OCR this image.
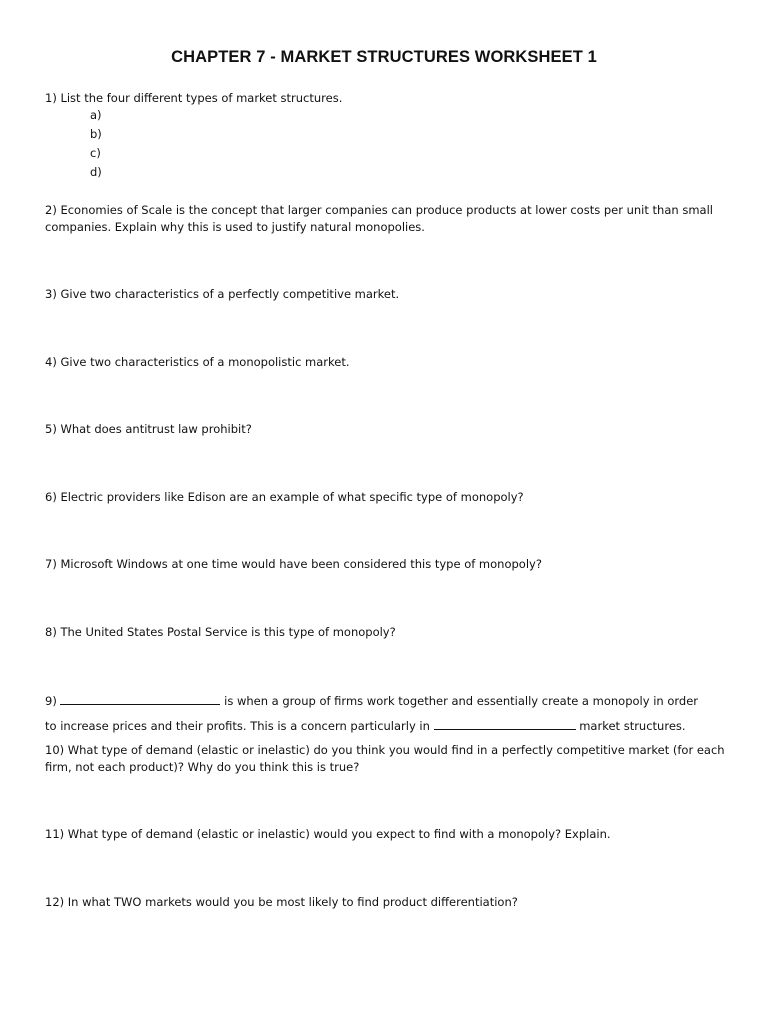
CHAPTER 7 - MARKET STRUCTURES WORKSHEET 1
1) List the four different types of market structures.
a)
b)
c)
d)
2) Economies of Scale is the concept that larger companies can produce products at lower costs per unit than small companies. Explain why this is used to justify natural monopolies.
3) Give two characteristics of a perfectly competitive market.
4) Give two characteristics of a monopolistic market.
5) What does antitrust law prohibit?
6) Electric providers like Edison are an example of what specific type of monopoly?
7) Microsoft Windows at one time would have been considered this type of monopoly?
8) The United States Postal Service is this type of monopoly?
9)	is when a group of firms work together and essentially create a monopoly in order
to increase prices and their profits. This is a concern particularly in	market structures.
10) What type of demand (elastic or inelastic) do you think you would find in a perfectly competitive market (for each firm, not each product)? Why do you think this is true?
11) What type of demand (elastic or inelastic) would you expect to find with a monopoly? Explain.
12) In what TWO markets would you be most likely to find product differentiation?
